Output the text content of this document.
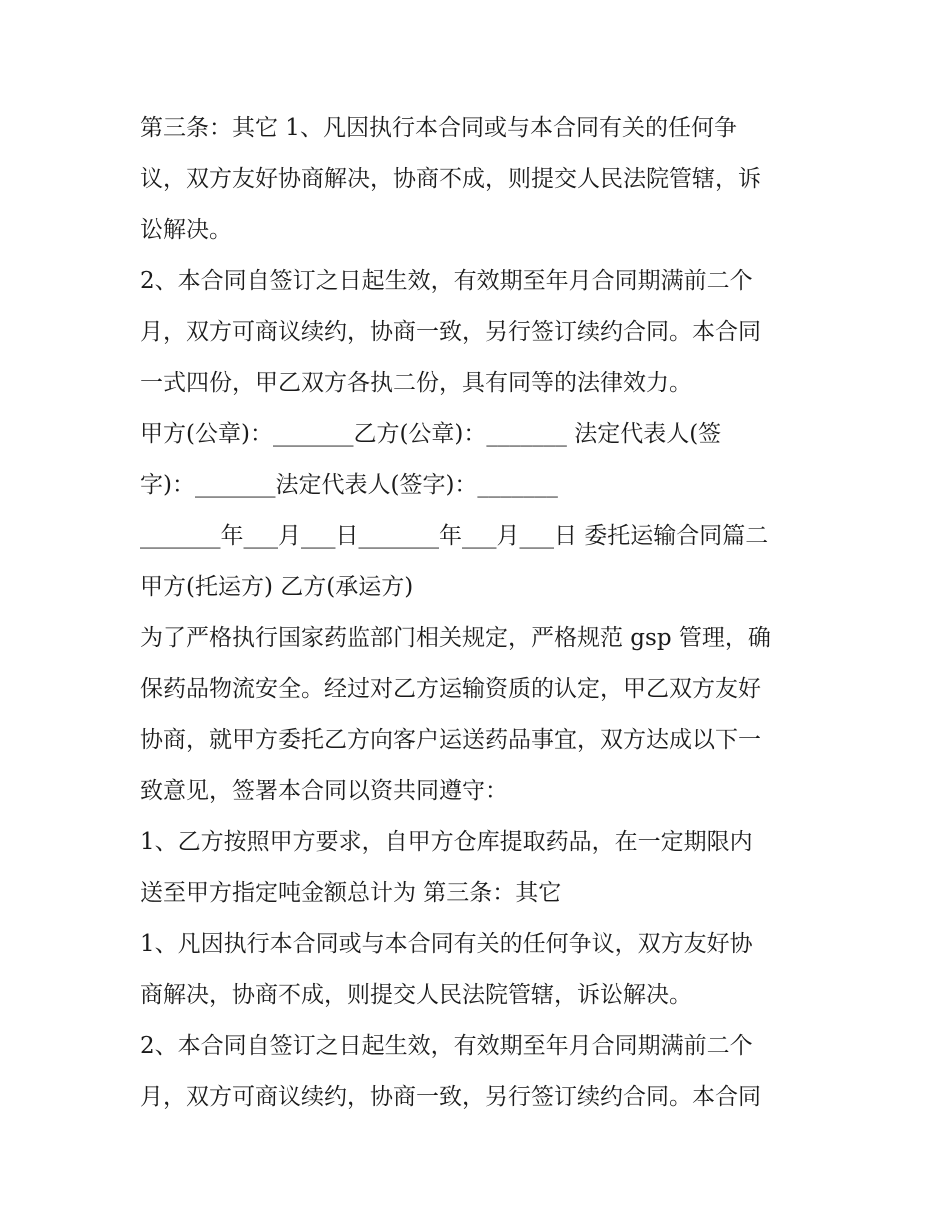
第三条：其它 1、凡因执行本合同或与本合同有关的任何争
议，双方友好协商解决，协商不成，则提交人民法院管辖，诉
讼解决。
2、本合同自签订之日起生效，有效期至年月合同期满前二个
月，双方可商议续约，协商一致，另行签订续约合同。本合同
一式四份，甲乙双方各执二份，具有同等的法律效力。
甲方(公章)：_______乙方(公章)：_______ 法定代表人(签
字)：_______法定代表人(签字)：_______
_______年___月___日_______年___月___日 委托运输合同篇二
甲方(托运方) 乙方(承运方)
为了严格执行国家药监部门相关规定，严格规范 gsp 管理，确
保药品物流安全。经过对乙方运输资质的认定，甲乙双方友好
协商，就甲方委托乙方向客户运送药品事宜，双方达成以下一
致意见，签署本合同以资共同遵守：
1、乙方按照甲方要求，自甲方仓库提取药品，在一定期限内
送至甲方指定吨金额总计为 第三条：其它
1、凡因执行本合同或与本合同有关的任何争议，双方友好协
商解决，协商不成，则提交人民法院管辖，诉讼解决。
2、本合同自签订之日起生效，有效期至年月合同期满前二个
月，双方可商议续约，协商一致，另行签订续约合同。本合同
